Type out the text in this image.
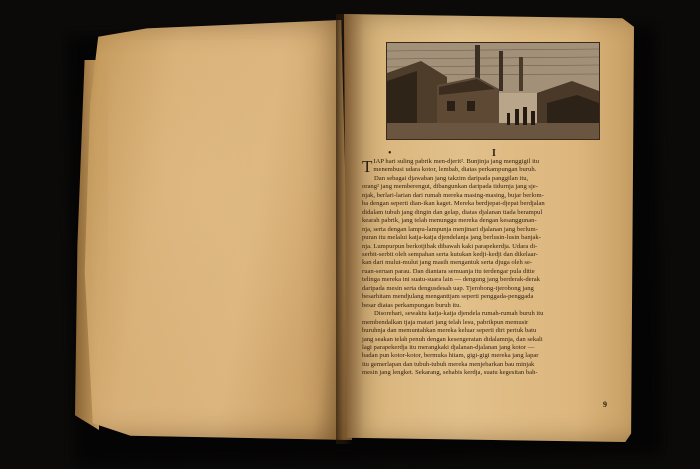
•	I

T IAP hari suling pabrik men-djerit². Bunjinja jang menggigil itu
menembusi udara kotor, lembab, diatas perkampungan buruh.

Dan sebagai djawaban jang takzim daripada panggilan itu,
orang² jang memberengut, dibangunkan daripada tidurnja jang sje-
njak, berlari-larian dari rumah mereka masing-masing, bujar berlom-
ba dengan seperti dian-ikan kaget. Mereka berdjepat-djepat berdjalan
didalam tubuh jang dingin dan gelap, diatas djalanan tiada berampul
kearah pabrik, jang telah menunggu mereka dengan kesanggunan-
nja, serta dengan lampu-lampunja menjinari djalanan jang berlum-
puran itu melalui katja-katja djendelanja jang berlusin-lusin banjak-
nja. Lumpurpun berkotjibak dibawah kaki parapekerdja. Udara di-
serbit-serbit oleh sempahan serta kutukan kedji-kedji dan dikelaar-
kan dari mulut-mulut jang masih mengantuk serta djuga oleh se-
ruan-seruan parau. Dan diantara semuanja itu terdengar pula ditte
telinga mereka ini suatu-suara lain — dengung jang berderak-derak
daripada mesin serta dengusdesah uap. Tjerobong-tjerobong jang
besarhitam mendjulang menganttjam seperti penggada-penggada
besar diatas perkampungan buruh itu.

Disorehari, sewaktu katja-katja djendela rumah-rumah buruh itu
membendalkan tjaja matari jang telah lesu, pabrikpun memusir
buruhnja dan memuntahkan mereka keluar seperti diri periuk batu
jang seakan telah penuh dengan kesengeratan didalamnja, dan sekali
lagi parapekerdja itu merangkaki djalanan-djalanan jang kotor —
badan pun kotor-kotor, bermuka hitam, gigi-gigi mereka jang lapar
itu gemerlapan dan tubuh-tubuh mereka menjebarkan bau minjak
mesin jang lengket. Sekarang, sehabis kerdja, suatu kegesitan bah-

9
